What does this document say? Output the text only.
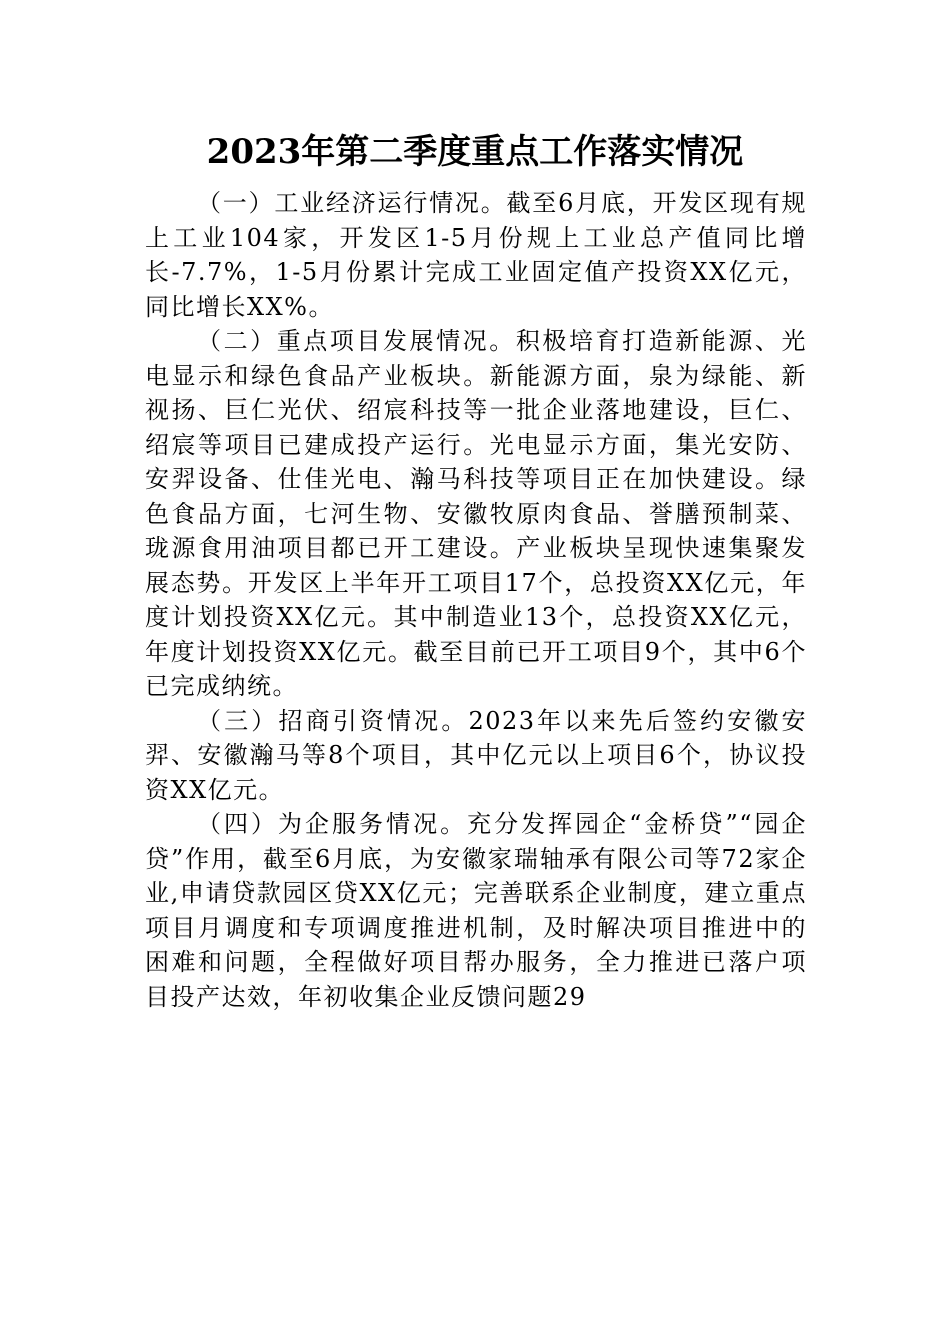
2023年第二季度重点工作落实情况

（一）工业经济运行情况。截至6月底，开发区现有规上工业104家，开发区1-5月份规上工业总产值同比增长-7.7%，1-5月份累计完成工业固定值产投资XX亿元，同比增长XX%。

（二）重点项目发展情况。积极培育打造新能源、光电显示和绿色食品产业板块。新能源方面，泉为绿能、新视扬、巨仁光伏、绍宸科技等一批企业落地建设，巨仁、绍宸等项目已建成投产运行。光电显示方面，集光安防、安羿设备、仕佳光电、瀚马科技等项目正在加快建设。绿色食品方面，七河生物、安徽牧原肉食品、誉膳预制菜、珑源食用油项目都已开工建设。产业板块呈现快速集聚发展态势。开发区上半年开工项目17个，总投资XX亿元，年度计划投资XX亿元。其中制造业13个，总投资XX亿元，年度计划投资XX亿元。截至目前已开工项目9个，其中6个已完成纳统。

（三）招商引资情况。2023年以来先后签约安徽安羿、安徽瀚马等8个项目，其中亿元以上项目6个，协议投资XX亿元。

（四）为企服务情况。充分发挥园企“金桥贷”“园企贷”作用，截至6月底，为安徽家瑞轴承有限公司等72家企业,申请贷款园区贷XX亿元；完善联系企业制度，建立重点项目月调度和专项调度推进机制，及时解决项目推进中的困难和问题，全程做好项目帮办服务，全力推进已落户项目投产达效，年初收集企业反馈问题29
